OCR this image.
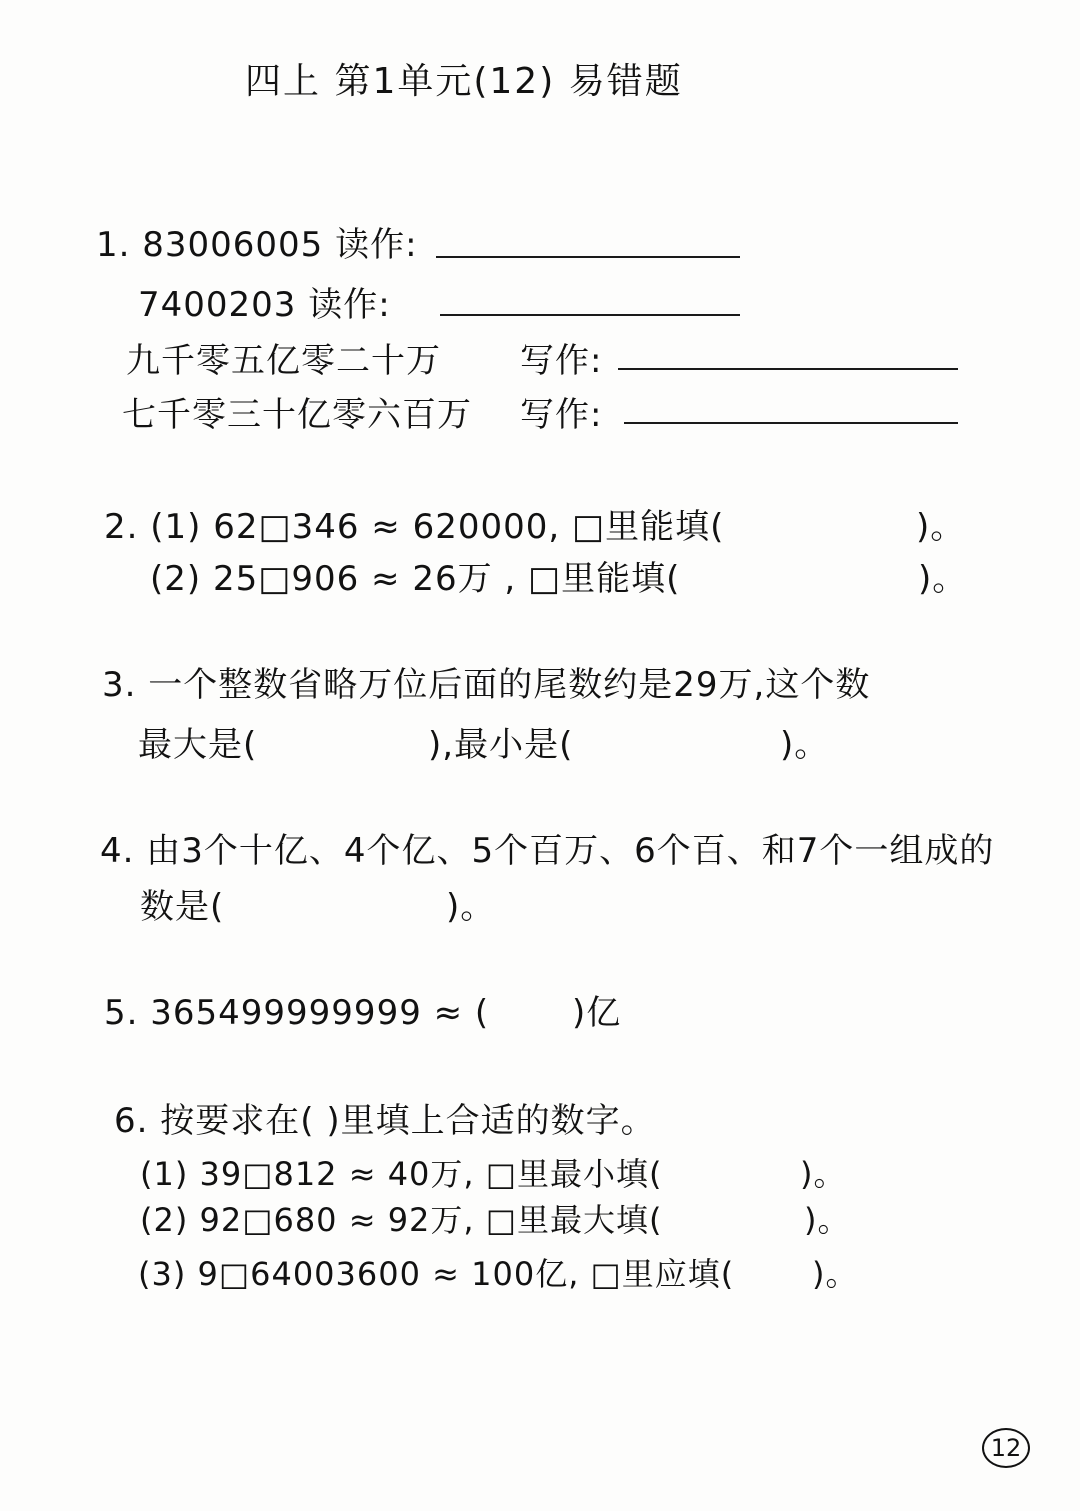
四上 第1单元(12) 易错题
1. 83006005 读作:
7400203 读作:
九千零五亿零二十万 写作:
七千零三十亿零六百万 写作:
2. (1) 62□346 ≈ 620000, □里能填(	)。
(2) 25□906 ≈ 26万 , □里能填(	)。
3. 一个整数省略万位后面的尾数约是29万,这个数
最大是(	),最小是(	)。
4. 由3个十亿、4个亿、5个百万、6个百、和7个一组成的
数是(	)。
5. 365499999999 ≈ ( )亿
6. 按要求在( )里填上合适的数字。
(1) 39□812 ≈ 40万, □里最小填(	)。
(2) 92□680 ≈ 92万, □里最大填(	)。
(3) 9□64003600 ≈ 100亿, □里应填( )。
12
